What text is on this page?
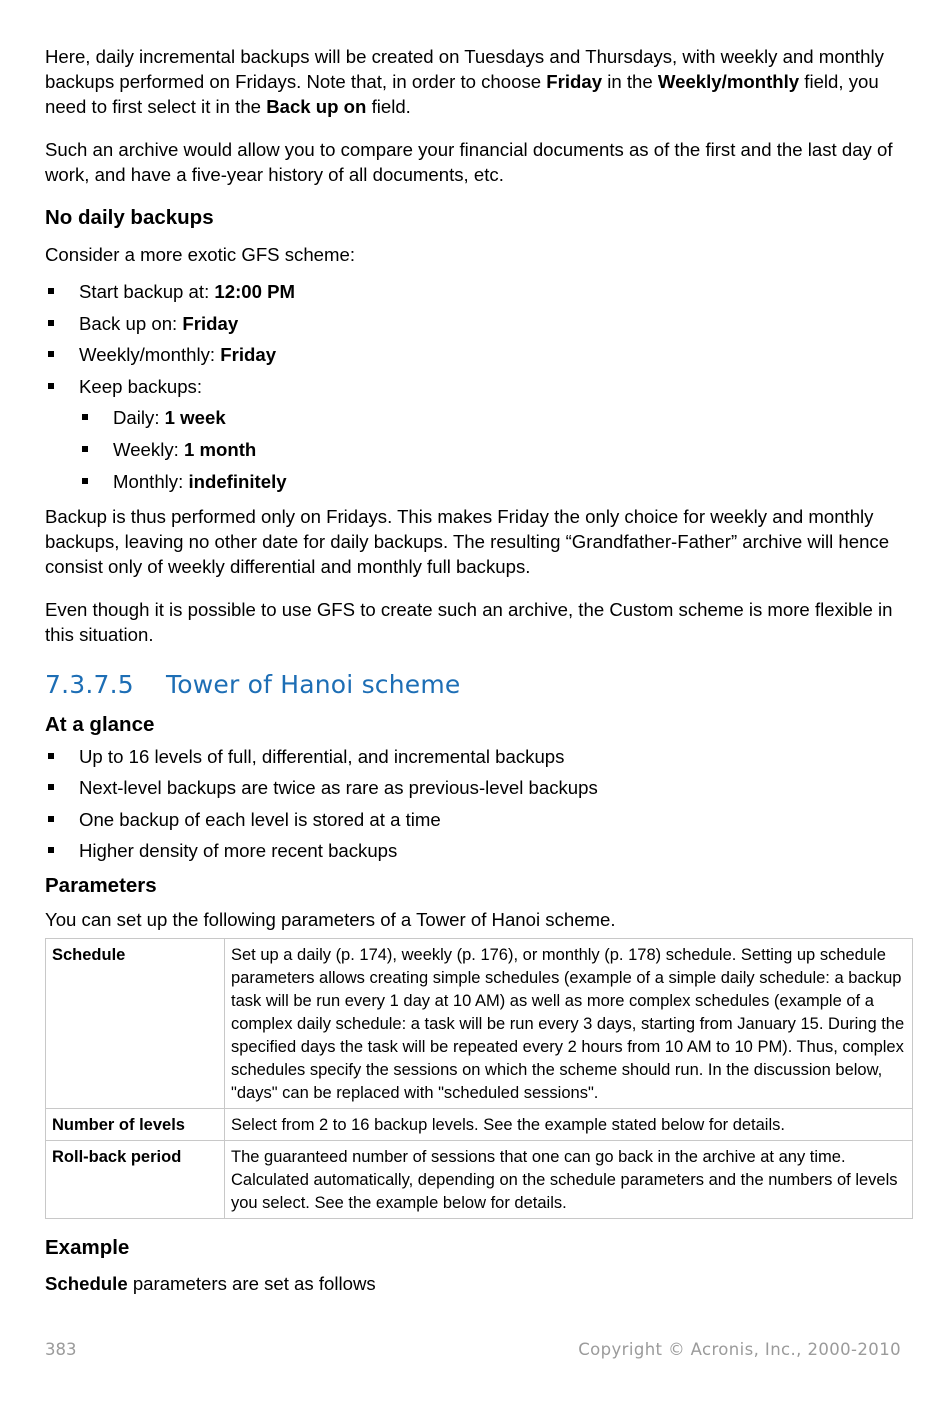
Here, daily incremental backups will be created on Tuesdays and Thursdays, with weekly and monthly backups performed on Fridays. Note that, in order to choose Friday in the Weekly/monthly field, you need to first select it in the Back up on field.

Such an archive would allow you to compare your financial documents as of the first and the last day of work, and have a five-year history of all documents, etc.

No daily backups

Consider a more exotic GFS scheme:

Start backup at: 12:00 PM
Back up on: Friday
Weekly/monthly: Friday
Keep backups:
Daily: 1 week
Weekly: 1 month
Monthly: indefinitely

Backup is thus performed only on Fridays. This makes Friday the only choice for weekly and monthly backups, leaving no other date for daily backups. The resulting “Grandfather-Father” archive will hence consist only of weekly differential and monthly full backups.

Even though it is possible to use GFS to create such an archive, the Custom scheme is more flexible in this situation.

7.3.7.5 Tower of Hanoi scheme
At a glance
Up to 16 levels of full, differential, and incremental backups
Next-level backups are twice as rare as previous-level backups
One backup of each level is stored at a time
Higher density of more recent backups
Parameters

You can set up the following parameters of a Tower of Hanoi scheme.

Schedule	Set up a daily (p. 174), weekly (p. 176), or monthly (p. 178) schedule. Setting up schedule parameters allows creating simple schedules (example of a simple daily schedule: a backup task will be run every 1 day at 10 AM) as well as more complex schedules (example of a complex daily schedule: a task will be run every 3 days, starting from January 15. During the specified days the task will be repeated every 2 hours from 10 AM to 10 PM). Thus, complex schedules specify the sessions on which the scheme should run. In the discussion below, "days" can be replaced with "scheduled sessions".
Number of levels	Select from 2 to 16 backup levels. See the example stated below for details.
Roll-back period	The guaranteed number of sessions that one can go back in the archive at any time. Calculated automatically, depending on the schedule parameters and the numbers of levels you select. See the example below for details.
Example

Schedule parameters are set as follows

383	Copyright © Acronis, Inc., 2000-2010
